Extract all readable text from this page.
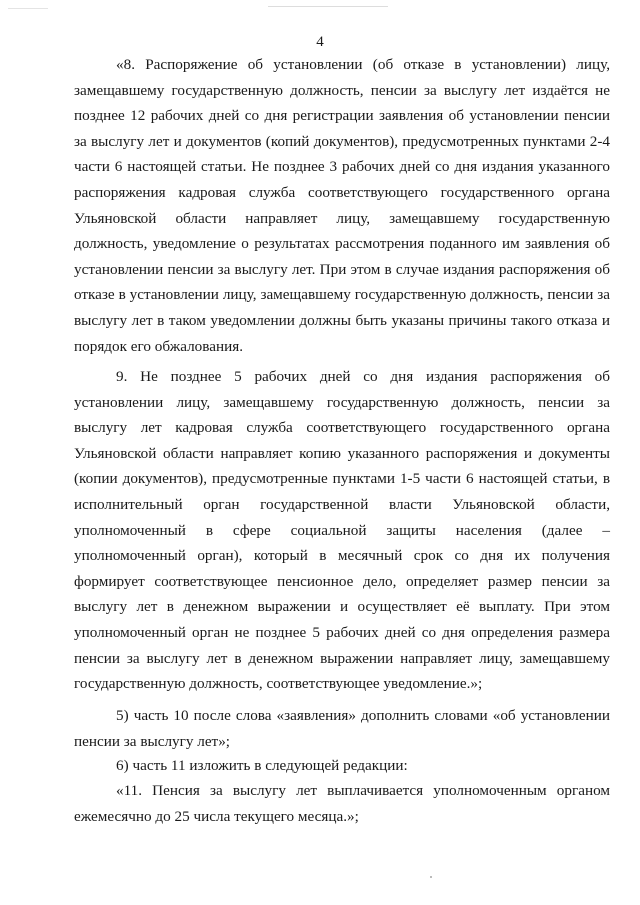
4

«8. Распоряжение об установлении (об отказе в установлении) лицу, замещавшему государственную должность, пенсии за выслугу лет издаётся не позднее 12 рабочих дней со дня регистрации заявления об установлении пенсии за выслугу лет и документов (копий документов), предусмотренных пунктами 2-4 части 6 настоящей статьи. Не позднее 3 рабочих дней со дня издания указанного распоряжения кадровая служба соответствующего государственного органа Ульяновской области направляет лицу, замещавшему государственную должность, уведомление о результатах рассмотрения поданного им заявления об установлении пенсии за выслугу лет. При этом в случае издания распоряжения об отказе в установлении лицу, замещавшему государственную должность, пенсии за выслугу лет в таком уведомлении должны быть указаны причины такого отказа и порядок его обжалования.

9. Не позднее 5 рабочих дней со дня издания распоряжения об установлении лицу, замещавшему государственную должность, пенсии за выслугу лет кадровая служба соответствующего государственного органа Ульяновской области направляет копию указанного распоряжения и документы (копии документов), предусмотренные пунктами 1-5 части 6 настоящей статьи, в исполнительный орган государственной власти Ульяновской области, уполномоченный в сфере социальной защиты населения (далее – уполномоченный орган), который в месячный срок со дня их получения формирует соответствующее пенсионное дело, определяет размер пенсии за выслугу лет в денежном выражении и осуществляет её выплату. При этом уполномоченный орган не позднее 5 рабочих дней со дня определения размера пенсии за выслугу лет в денежном выражении направляет лицу, замещавшему государственную должность, соответствующее уведомление.»;

5) часть 10 после слова «заявления» дополнить словами «об установлении пенсии за выслугу лет»;

6) часть 11 изложить в следующей редакции:

«11. Пенсия за выслугу лет выплачивается уполномоченным органом ежемесячно до 25 числа текущего месяца.»;
